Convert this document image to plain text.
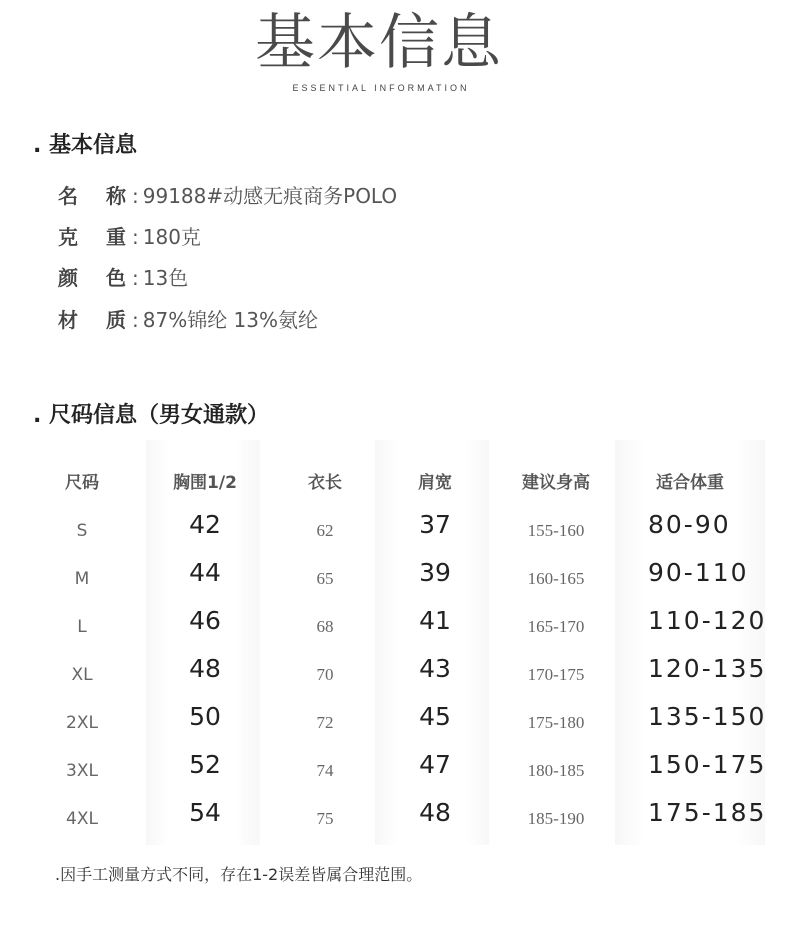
基本信息
ESSENTIAL INFORMATION
. 基本信息
名 称 : 99188#动感无痕商务POLO
克 重 : 180克
颜 色 : 13色
材 质 : 87%锦纶 13%氨纶
. 尺码信息（男女通款）
尺码	胸围1/2	衣长	肩宽	建议身高	适合体重
S	42	62	37	155-160	80-90
M	44	65	39	160-165	90-110
L	46	68	41	165-170	110-120
XL	48	70	43	170-175	120-135
2XL	50	72	45	175-180	135-150
3XL	52	74	47	180-185	150-175
4XL	54	75	48	185-190	175-185
.因手工测量方式不同，存在1-2误差皆属合理范围。
